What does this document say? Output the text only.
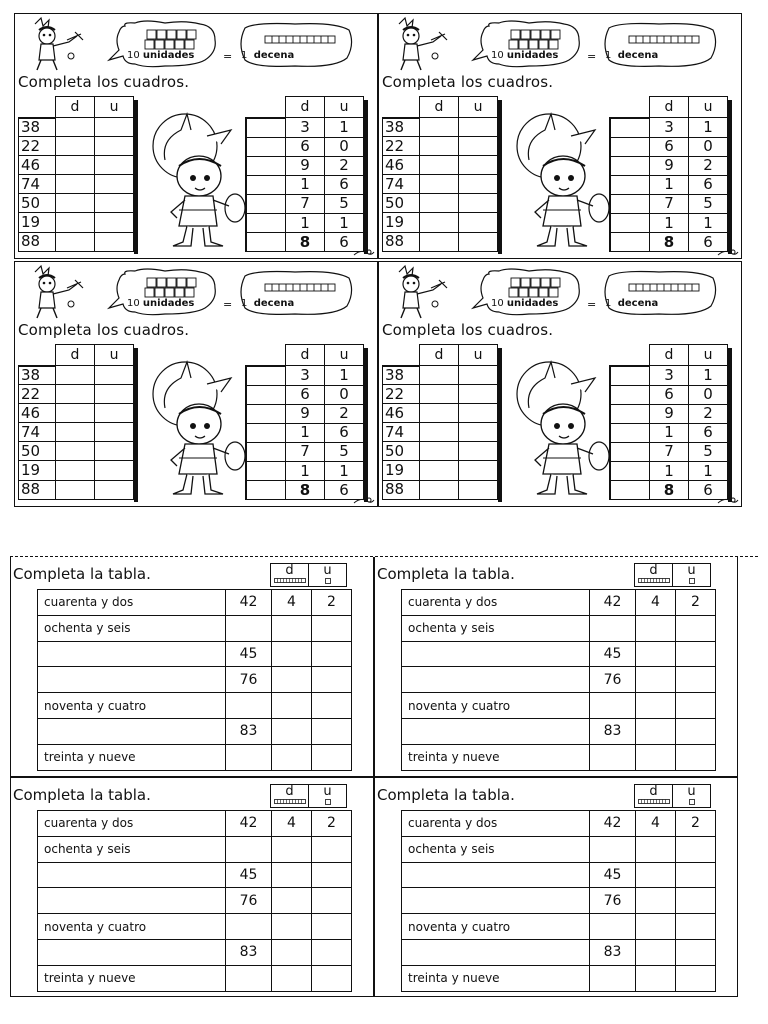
10 unidades	= 1 decena
Completa los cuadros.
	d	u
38		
22		
46		
74		
50		
19		
88		
	d	u
	3	1
	6	0
	9	2
	1	6
	7	5
	1	1
	8	6
10 unidades	= 1 decena
Completa los cuadros.
	d	u
38		
22		
46		
74		
50		
19		
88		
	d	u
	3	1
	6	0
	9	2
	1	6
	7	5
	1	1
	8	6
10 unidades	= 1 decena
Completa los cuadros.
	d	u
38		
22		
46		
74		
50		
19		
88		
	d	u
	3	1
	6	0
	9	2
	1	6
	7	5
	1	1
	8	6
10 unidades	= 1 decena
Completa los cuadros.
	d	u
38		
22		
46		
74		
50		
19		
88		
	d	u
	3	1
	6	0
	9	2
	1	6
	7	5
	1	1
	8	6
Completa la tabla.	d	u
cuarenta y dos	42	4	2
ochenta y seis			
	45		
	76		
noventa y cuatro			
	83		
treinta y nueve			
Completa la tabla.	d	u
cuarenta y dos	42	4	2
ochenta y seis			
	45		
	76		
noventa y cuatro			
	83		
treinta y nueve			
Completa la tabla.	d	u
cuarenta y dos	42	4	2
ochenta y seis			
	45		
	76		
noventa y cuatro			
	83		
treinta y nueve			
Completa la tabla.	d	u
cuarenta y dos	42	4	2
ochenta y seis			
	45		
	76		
noventa y cuatro			
	83		
treinta y nueve			
